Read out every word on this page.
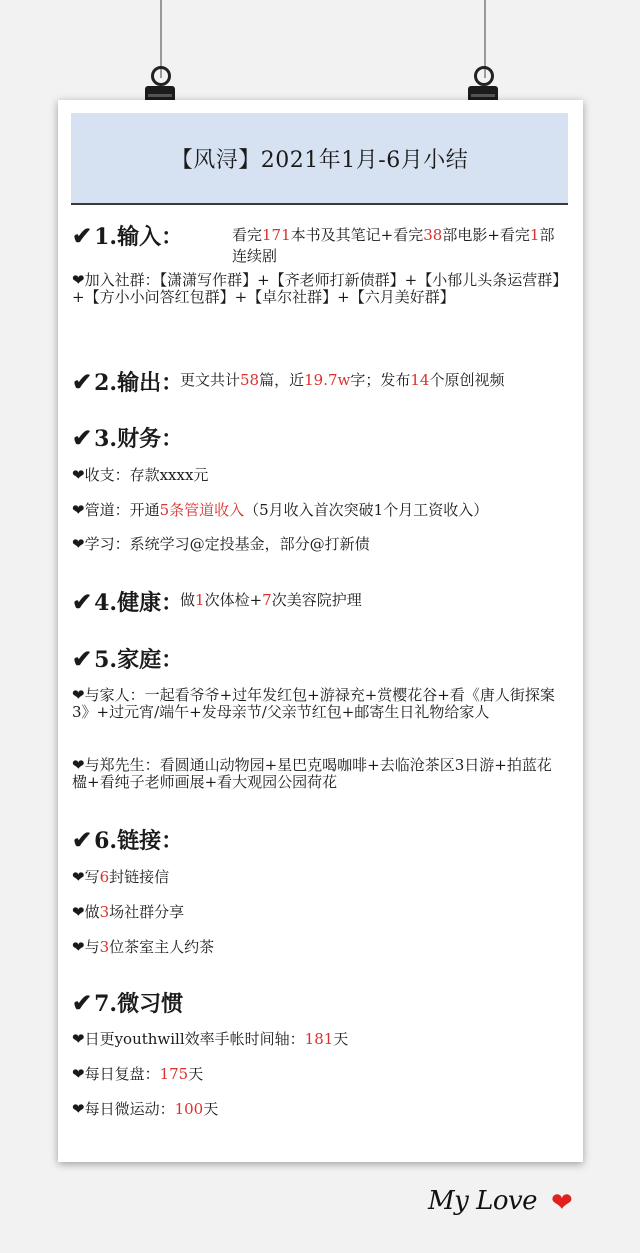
【风浔】2021年1月-6月小结
✔1.输入：	看完171本书及其笔记+看完38部电影+看完1部连续剧
❤加入社群：【潇潇写作群】+【齐老师打新债群】+【小郁儿头条运营群】+【方小小问答红包群】+【卓尔社群】+【六月美好群】
✔2.输出：
更文共计58篇，近19.7w字；发布14个原创视频
✔3.财务：
❤收支：存款xxxx元
❤管道：开通5条管道收入（5月收入首次突破1个月工资收入）
❤学习：系统学习@定投基金，部分@打新债
✔4.健康：
做1次体检+7次美容院护理
✔5.家庭：
❤与家人：一起看爷爷+过年发红包+游禄充+赏樱花谷+看《唐人街探案3》+过元宵/端午+发母亲节/父亲节红包+邮寄生日礼物给家人
❤与郑先生：看圆通山动物园+星巴克喝咖啡+去临沧茶区3日游+拍蓝花楹+看纯子老师画展+看大观园公园荷花
✔6.链接：
❤写6封链接信
❤做3场社群分享
❤与3位茶室主人约茶
✔7.微习惯
❤日更youthwill效率手帐时间轴：181天
❤每日复盘：175天
❤每日微运动：100天
My Love ❤
